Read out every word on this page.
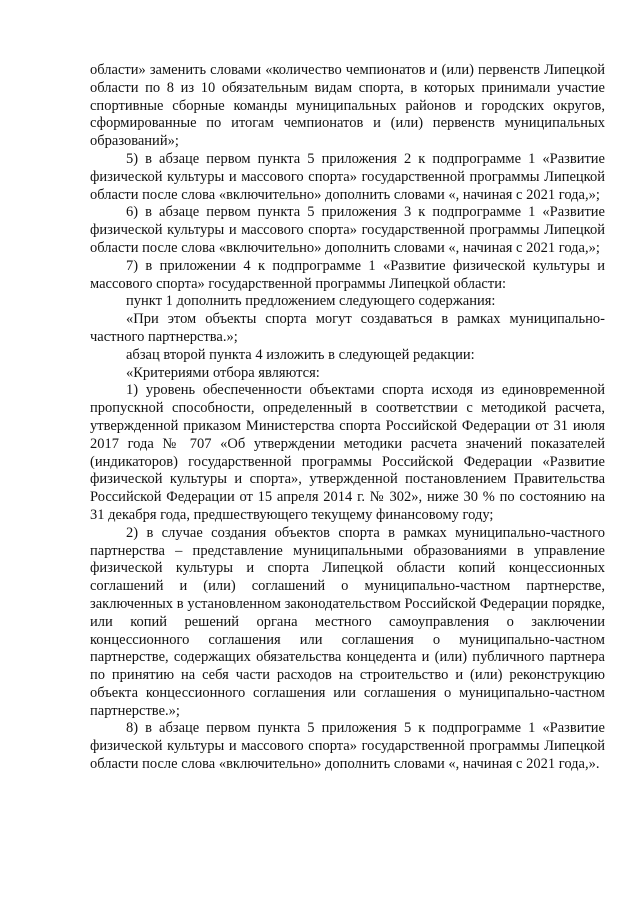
области» заменить словами «количество чемпионатов и (или) первенств Липецкой области по 8 из 10 обязательным видам спорта, в которых принимали участие спортивные сборные команды муниципальных районов и городских округов, сформированные по итогам чемпионатов и (или) первенств муниципальных образований»;

5) в абзаце первом пункта 5 приложения 2 к подпрограмме 1 «Развитие физической культуры и массового спорта» государственной программы Липецкой области после слова «включительно» дополнить словами «, начиная с 2021 года,»;

6) в абзаце первом пункта 5 приложения 3 к подпрограмме 1 «Развитие физической культуры и массового спорта» государственной программы Липецкой области после слова «включительно» дополнить словами «, начиная с 2021 года,»;

7) в приложении 4 к подпрограмме 1 «Развитие физической культуры и массового спорта» государственной программы Липецкой области:

пункт 1 дополнить предложением следующего содержания:

«При этом объекты спорта могут создаваться в рамках муниципально-частного партнерства.»;

абзац второй пункта 4 изложить в следующей редакции:

«Критериями отбора являются:

1) уровень обеспеченности объектами спорта исходя из единовременной пропускной способности, определенный в соответствии с методикой расчета, утвержденной приказом Министерства спорта Российской Федерации от 31 июля 2017 года № 707 «Об утверждении методики расчета значений показателей (индикаторов) государственной программы Российской Федерации «Развитие физической культуры и спорта», утвержденной постановлением Правительства Российской Федерации от 15 апреля 2014 г. № 302», ниже 30 % по состоянию на 31 декабря года, предшествующего текущему финансовому году;

2) в случае создания объектов спорта в рамках муниципально-частного партнерства – представление муниципальными образованиями в управление физической культуры и спорта Липецкой области копий концессионных соглашений и (или) соглашений о муниципально-частном партнерстве, заключенных в установленном законодательством Российской Федерации порядке, или копий решений органа местного самоуправления о заключении концессионного соглашения или соглашения о муниципально-частном партнерстве, содержащих обязательства концедента и (или) публичного партнера по принятию на себя части расходов на строительство и (или) реконструкцию объекта концессионного соглашения или соглашения о муниципально-частном партнерстве.»;

8) в абзаце первом пункта 5 приложения 5 к подпрограмме 1 «Развитие физической культуры и массового спорта» государственной программы Липецкой области после слова «включительно» дополнить словами «, начиная с 2021 года,».
